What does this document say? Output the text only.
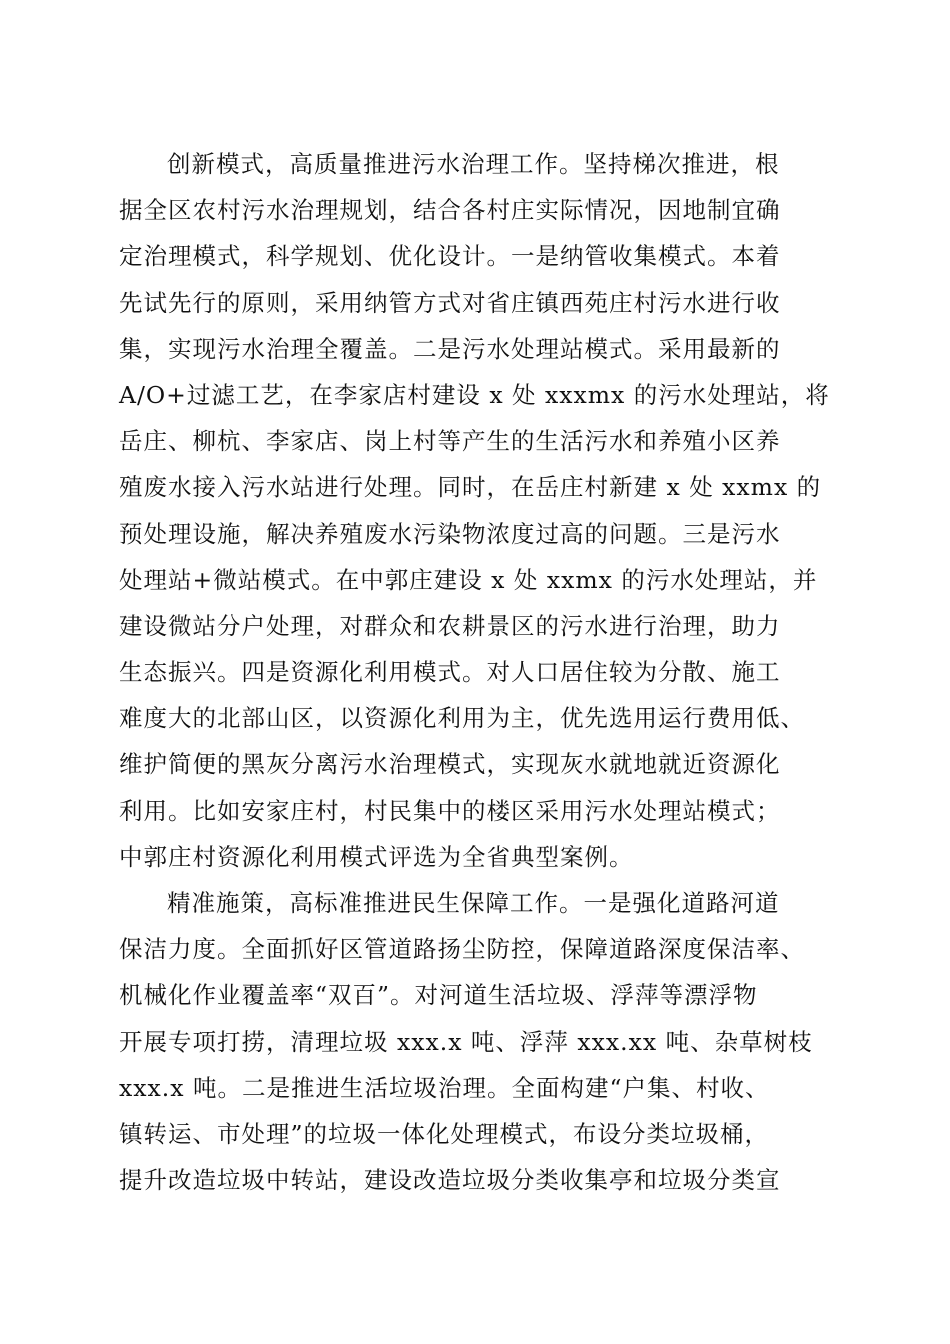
创新模式，高质量推进污水治理工作。坚持梯次推进，根
据全区农村污水治理规划，结合各村庄实际情况，因地制宜确
定治理模式，科学规划、优化设计。一是纳管收集模式。本着
先试先行的原则，采用纳管方式对省庄镇西苑庄村污水进行收
集，实现污水治理全覆盖。二是污水处理站模式。采用最新的
A/O+过滤工艺，在李家店村建设 x 处 xxxmx 的污水处理站，将
岳庄、柳杭、李家店、岗上村等产生的生活污水和养殖小区养
殖废水接入污水站进行处理。同时，在岳庄村新建 x 处 xxmx 的
预处理设施，解决养殖废水污染物浓度过高的问题。三是污水
处理站+微站模式。在中郭庄建设 x 处 xxmx 的污水处理站，并
建设微站分户处理，对群众和农耕景区的污水进行治理，助力
生态振兴。四是资源化利用模式。对人口居住较为分散、施工
难度大的北部山区，以资源化利用为主，优先选用运行费用低、
维护简便的黑灰分离污水治理模式，实现灰水就地就近资源化
利用。比如安家庄村，村民集中的楼区采用污水处理站模式；
中郭庄村资源化利用模式评选为全省典型案例。
精准施策，高标准推进民生保障工作。一是强化道路河道
保洁力度。全面抓好区管道路扬尘防控，保障道路深度保洁率、
机械化作业覆盖率“双百”。对河道生活垃圾、浮萍等漂浮物
开展专项打捞，清理垃圾 xxx.x 吨、浮萍 xxx.xx 吨、杂草树枝
xxx.x 吨。二是推进生活垃圾治理。全面构建“户集、村收、
镇转运、市处理”的垃圾一体化处理模式，布设分类垃圾桶，
提升改造垃圾中转站，建设改造垃圾分类收集亭和垃圾分类宣
